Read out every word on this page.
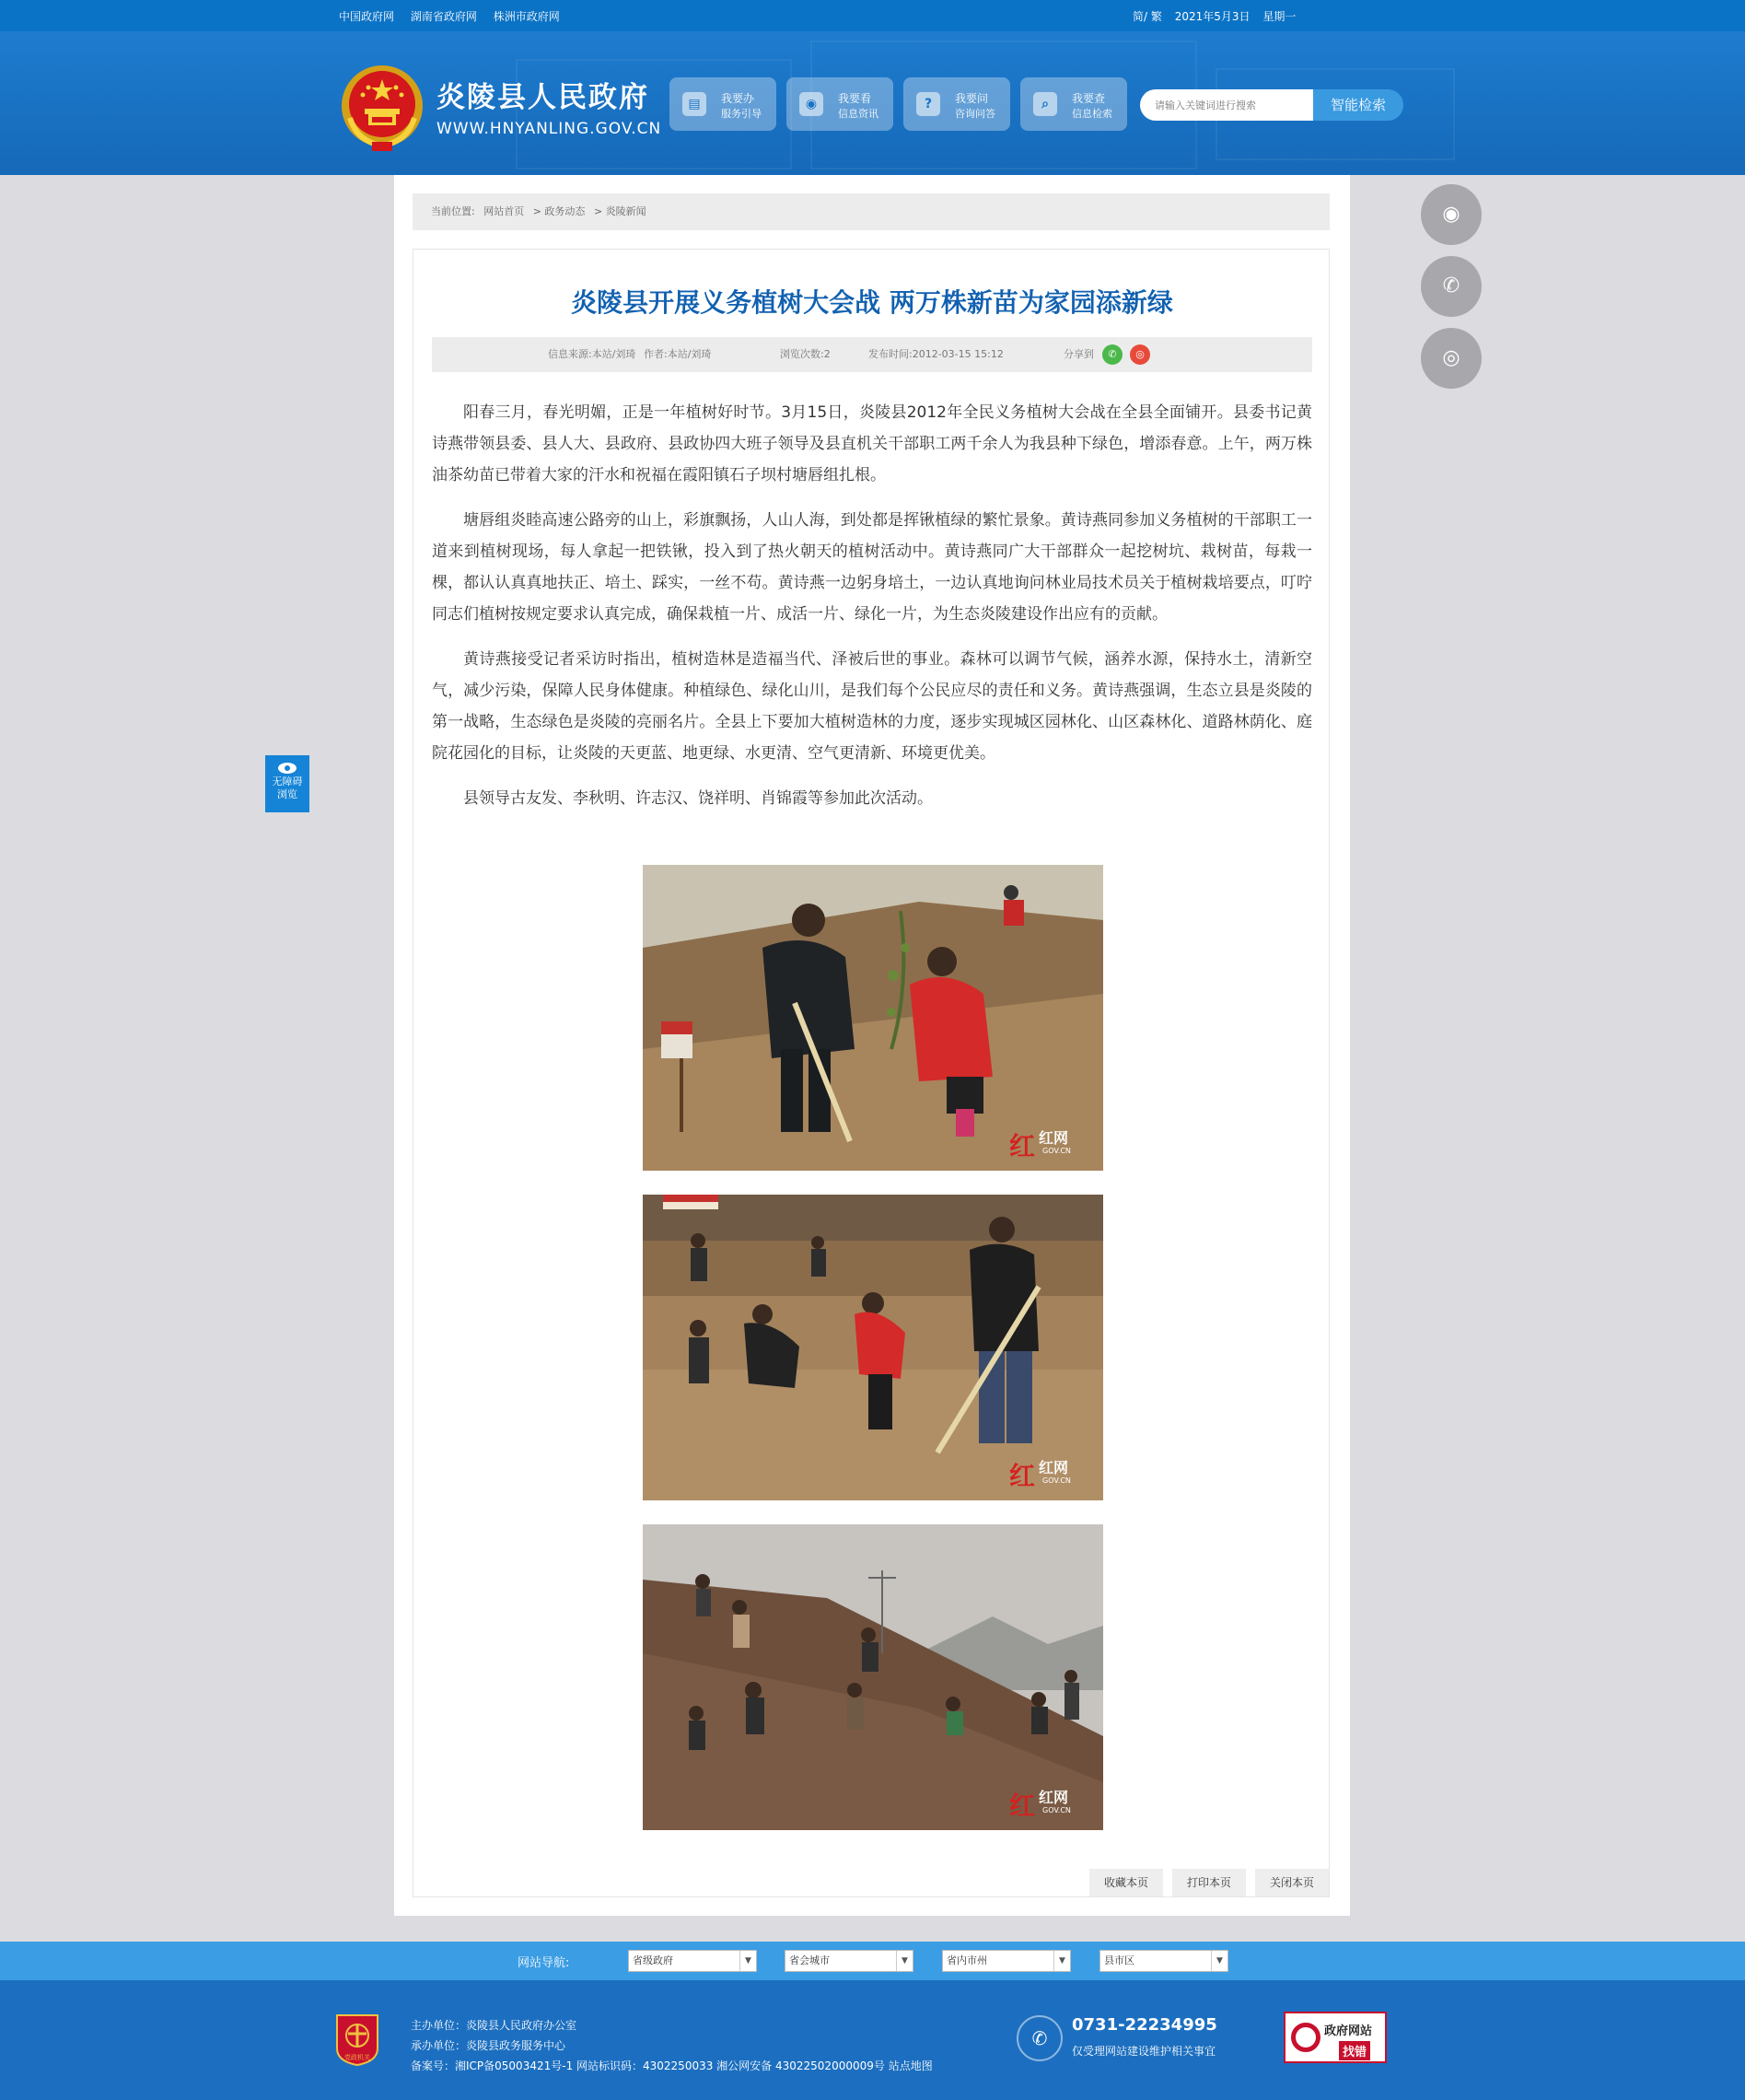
中国政府网 湖南省政府网 株洲市政府网	简/ 繁 2021年5月3日 星期一
炎陵县人民政府
WWW.HNYANLING.GOV.CN
▤	我要办
服务引导
◉	我要看
信息资讯
?	我要问
咨询问答
⌕	我要查
信息检索
请输入关键词进行搜索
智能检索
当前位置: 网站首页 > 政务动态 > 炎陵新闻
炎陵县开展义务植树大会战 两万株新苗为家园添新绿
信息来源:本站/刘琦 作者:本站/刘琦	浏览次数:2	发布时间:2012-03-15 15:12	分享到	✆	◎

阳春三月，春光明媚，正是一年植树好时节。3月15日，炎陵县2012年全民义务植树大会战在全县全面铺开。县委书记黄诗燕带领县委、县人大、县政府、县政协四大班子领导及县直机关干部职工两千余人为我县种下绿色，增添春意。上午，两万株油茶幼苗已带着大家的汗水和祝福在霞阳镇石子坝村塘唇组扎根。

塘唇组炎睦高速公路旁的山上，彩旗飘扬，人山人海，到处都是挥锹植绿的繁忙景象。黄诗燕同参加义务植树的干部职工一道来到植树现场，每人拿起一把铁锹，投入到了热火朝天的植树活动中。黄诗燕同广大干部群众一起挖树坑、栽树苗，每栽一棵，都认认真真地扶正、培土、踩实，一丝不苟。黄诗燕一边躬身培土，一边认真地询问林业局技术员关于植树栽培要点，叮咛同志们植树按规定要求认真完成，确保栽植一片、成活一片、绿化一片，为生态炎陵建设作出应有的贡献。

黄诗燕接受记者采访时指出，植树造林是造福当代、泽被后世的事业。森林可以调节气候，涵养水源，保持水土，清新空气，减少污染，保障人民身体健康。种植绿色、绿化山川，是我们每个公民应尽的责任和义务。黄诗燕强调，生态立县是炎陵的第一战略，生态绿色是炎陵的亮丽名片。全县上下要加大植树造林的力度，逐步实现城区园林化、山区森林化、道路林荫化、庭院花园化的目标，让炎陵的天更蓝、地更绿、水更清、空气更清新、环境更优美。

县领导古友发、李秋明、许志汉、饶祥明、肖锦霞等参加此次活动。

红 红网
GOV.CN
红 红网
GOV.CN
红 红网
GOV.CN
收藏本页	打印本页	关闭本页
◉
✆
◎
无障碍
浏览
网站导航:	省级政府	▼	省会城市	▼	省内市州	▼	县市区	▼
党政机关
主办单位：炎陵县人民政府办公室
承办单位：炎陵县政务服务中心
备案号：湘ICP备05003421号-1 网站标识码：4302250033 湘公网安备 43022502000009号 站点地图
✆
0731-22234995
仅受理网站建设维护相关事宜
政府网站
找错
